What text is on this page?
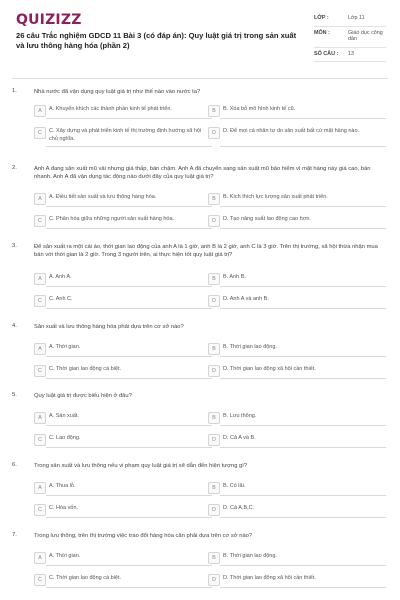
QUIZIZZ
26 câu Trắc nghiệm GDCD 11 Bài 3 (có đáp án): Quy luật giá trị trong sản xuất và lưu thông hàng hóa (phần 2)
LỚP :	Lớp 11
MÔN :	Giáo dục công dân
SỐ CÂU :	13
1.	Nhà nước đã vận dụng quy luật giá trị như thế nào vào nước ta?
A	A. Khuyến khích các thành phần kinh tế phát triển.	B	B. Xóa bỏ mô hình kinh tế cũ.
C	C. Xây dựng và phát triển kinh tế thị trường định hướng xã hội chủ nghĩa.
D	D. Để mọi cá nhân tự do sản xuất bất cứ mặt hàng nào.
2.	Anh A đang sản xuất mũ vải nhưng giá thấp, bán chậm. Anh A đã chuyển sang sản xuất mũ bảo hiểm vì mặt hàng này giá cao, bán nhanh. Anh A đã vận dụng tác động nào dưới đây của quy luật giá trị?
A	A. Điều tiết sản xuất và lưu thông hàng hóa.	B	B. Kích thích lực lượng sản xuất phát triển.
C	C. Phân hóa giữa những người sản xuất hàng hóa.	D	D. Tạo năng suất lao động cao hơn.
3.	Để sản xuất ra một cái áo, thời gian lao động của anh A là 1 giờ, anh B là 2 giờ, anh C là 3 giờ. Trên thị trường, xã hội thừa nhận mua bán với thời gian là 2 giờ. Trong 3 người trên, ai thực hiện tốt quy luật giá trị?
A	A. Anh A.	B	B. Anh B.
C	C. Anh C.	D	D. Anh A và anh B.
4.	Sản xuất và lưu thông hàng hóa phải dựa trên cơ sở nào?
A	A. Thời gian.	B	B. Thời gian lao động.
C	C. Thời gian lao động cá biệt.	D	D. Thời gian lao động xã hội cần thiết.
5.	Quy luật giá trị được biểu hiện ở đâu?
A	A. Sản xuất.	B	B. Lưu thông.
C	C. Lao động.	D	D. Cả A và B.
6.	Trong sản xuất và lưu thông nếu vi phạm quy luật giá trị sẽ dẫn đến hiện tượng gì?
A	A. Thua lỗ.	B	B. Có lãi.
C	C. Hòa vốn.	D	D. Cả A,B,C.
7.	Trong lưu thông, trên thị trường việc trao đổi hàng hóa căn phải dựa trên cơ sở nào?
A	A. Thời gian.	B	B. Thời gian lao động.
C	C. Thời gian lao động cá biệt.	D	D. Thời gian lao động xã hội cần thiết.
